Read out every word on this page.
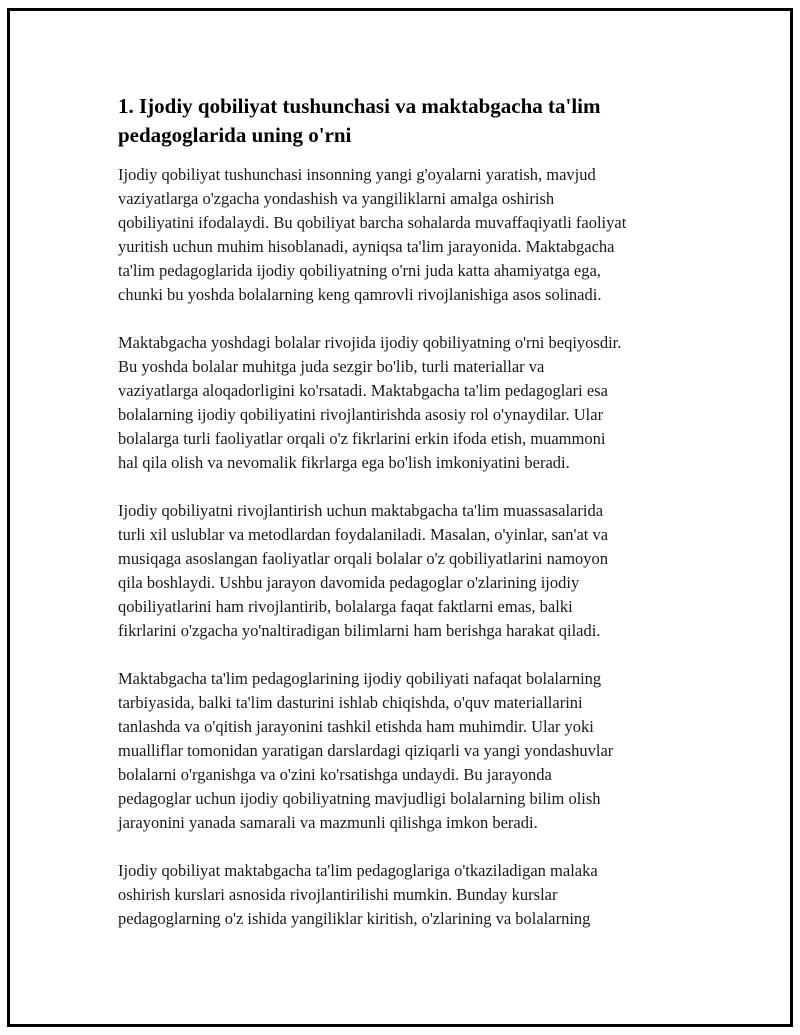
1. Ijodiy qobiliyat tushunchasi va maktabgacha ta'lim
pedagoglarida uning o'rni

Ijodiy qobiliyat tushunchasi insonning yangi g'oyalarni yaratish, mavjud
vaziyatlarga o'zgacha yondashish va yangiliklarni amalga oshirish
qobiliyatini ifodalaydi. Bu qobiliyat barcha sohalarda muvaffaqiyatli faoliyat
yuritish uchun muhim hisoblanadi, ayniqsa ta'lim jarayonida. Maktabgacha
ta'lim pedagoglarida ijodiy qobiliyatning o'rni juda katta ahamiyatga ega,
chunki bu yoshda bolalarning keng qamrovli rivojlanishiga asos solinadi.

Maktabgacha yoshdagi bolalar rivojida ijodiy qobiliyatning o'rni beqiyosdir.
Bu yoshda bolalar muhitga juda sezgir bo'lib, turli materiallar va
vaziyatlarga aloqadorligini ko'rsatadi. Maktabgacha ta'lim pedagoglari esa
bolalarning ijodiy qobiliyatini rivojlantirishda asosiy rol o'ynaydilar. Ular
bolalarga turli faoliyatlar orqali o'z fikrlarini erkin ifoda etish, muammoni
hal qila olish va nevomalik fikrlarga ega bo'lish imkoniyatini beradi.

Ijodiy qobiliyatni rivojlantirish uchun maktabgacha ta'lim muassasalarida
turli xil uslublar va metodlardan foydalaniladi. Masalan, o'yinlar, san'at va
musiqaga asoslangan faoliyatlar orqali bolalar o'z qobiliyatlarini namoyon
qila boshlaydi. Ushbu jarayon davomida pedagoglar o'zlarining ijodiy
qobiliyatlarini ham rivojlantirib, bolalarga faqat faktlarni emas, balki
fikrlarini o'zgacha yo'naltiradigan bilimlarni ham berishga harakat qiladi.

Maktabgacha ta'lim pedagoglarining ijodiy qobiliyati nafaqat bolalarning
tarbiyasida, balki ta'lim dasturini ishlab chiqishda, o'quv materiallarini
tanlashda va o'qitish jarayonini tashkil etishda ham muhimdir. Ular yoki
mualliflar tomonidan yaratigan darslardagi qiziqarli va yangi yondashuvlar
bolalarni o'rganishga va o'zini ko'rsatishga undaydi. Bu jarayonda
pedagoglar uchun ijodiy qobiliyatning mavjudligi bolalarning bilim olish
jarayonini yanada samarali va mazmunli qilishga imkon beradi.

Ijodiy qobiliyat maktabgacha ta'lim pedagoglariga o'tkaziladigan malaka
oshirish kurslari asnosida rivojlantirilishi mumkin. Bunday kurslar
pedagoglarning o'z ishida yangiliklar kiritish, o'zlarining va bolalarning
